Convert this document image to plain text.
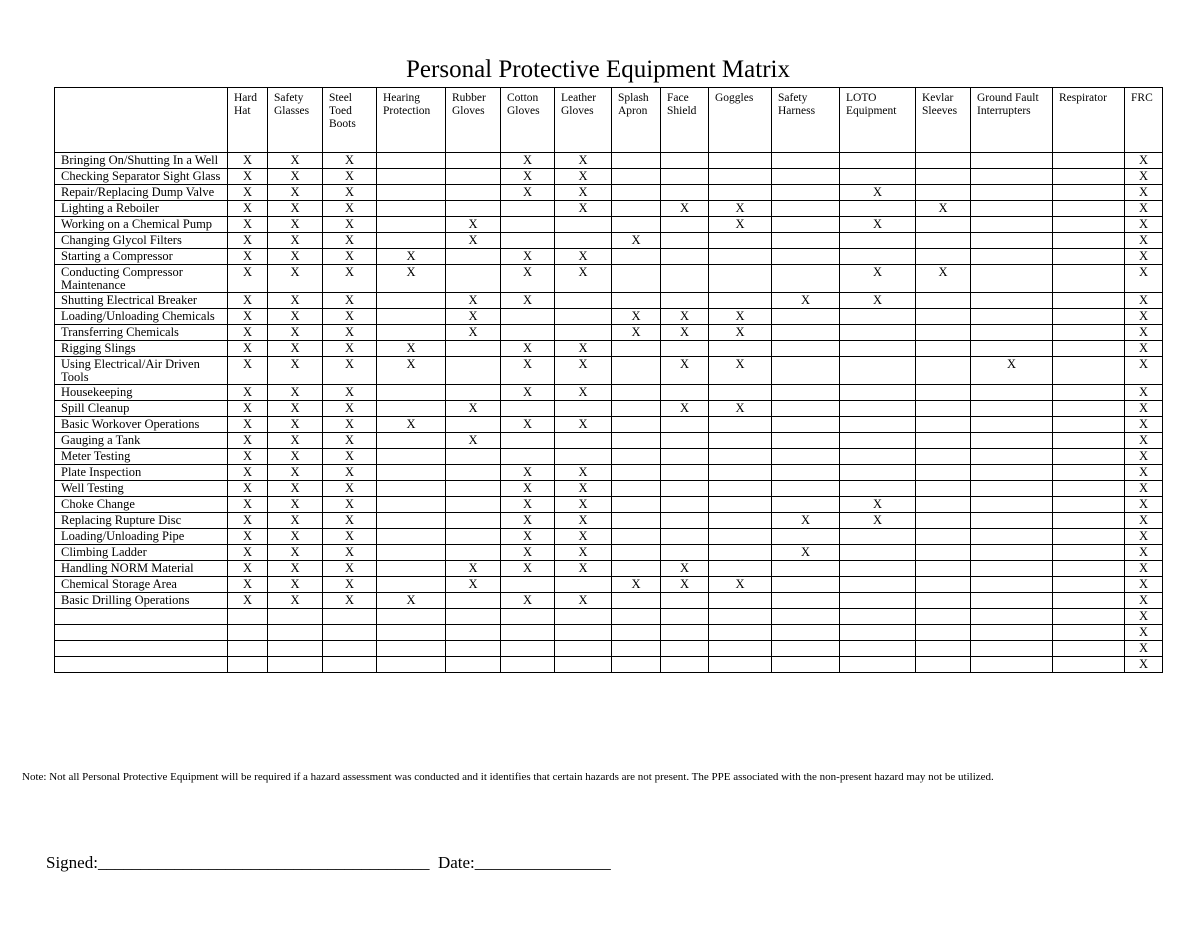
Personal Protective Equipment Matrix
	Hard Hat	Safety Glasses	Steel Toed Boots	Hearing Protection	Rubber Gloves	Cotton Gloves	Leather Gloves	Splash Apron	Face Shield	Goggles	Safety Harness	LOTO Equipment	Kevlar Sleeves	Ground Fault Interrupters	Respirator	FRC
Bringing On/Shutting In a Well	X	X	X			X	X									X
Checking Separator Sight Glass	X	X	X			X	X									X
Repair/Replacing Dump Valve	X	X	X			X	X					X				X
Lighting a Reboiler	X	X	X				X		X	X			X			X
Working on a Chemical Pump	X	X	X		X					X		X				X
Changing Glycol Filters	X	X	X		X			X								X
Starting a Compressor	X	X	X	X		X	X									X
Conducting Compressor Maintenance	X	X	X	X		X	X					X	X			X
Shutting Electrical Breaker	X	X	X		X	X					X	X				X
Loading/Unloading Chemicals	X	X	X		X			X	X	X						X
Transferring Chemicals	X	X	X		X			X	X	X						X
Rigging Slings	X	X	X	X		X	X									X
Using Electrical/Air Driven Tools	X	X	X	X		X	X		X	X				X		X
Housekeeping	X	X	X			X	X									X
Spill Cleanup	X	X	X		X				X	X						X
Basic Workover Operations	X	X	X	X		X	X									X
Gauging a Tank	X	X	X		X											X
Meter Testing	X	X	X													X
Plate Inspection	X	X	X			X	X									X
Well Testing	X	X	X			X	X									X
Choke Change	X	X	X			X	X					X				X
Replacing Rupture Disc	X	X	X			X	X				X	X				X
Loading/Unloading Pipe	X	X	X			X	X									X
Climbing Ladder	X	X	X			X	X				X					X
Handling NORM Material	X	X	X		X	X	X		X							X
Chemical Storage Area	X	X	X		X			X	X	X						X
Basic Drilling Operations	X	X	X	X		X	X									X
																X
																X
																X
																X
Note: Not all Personal Protective Equipment will be required if a hazard assessment was conducted and it identifies that certain hazards are not present. The PPE associated with the non-present hazard may not be utilized.
Signed:_______________________________________ Date:________________
